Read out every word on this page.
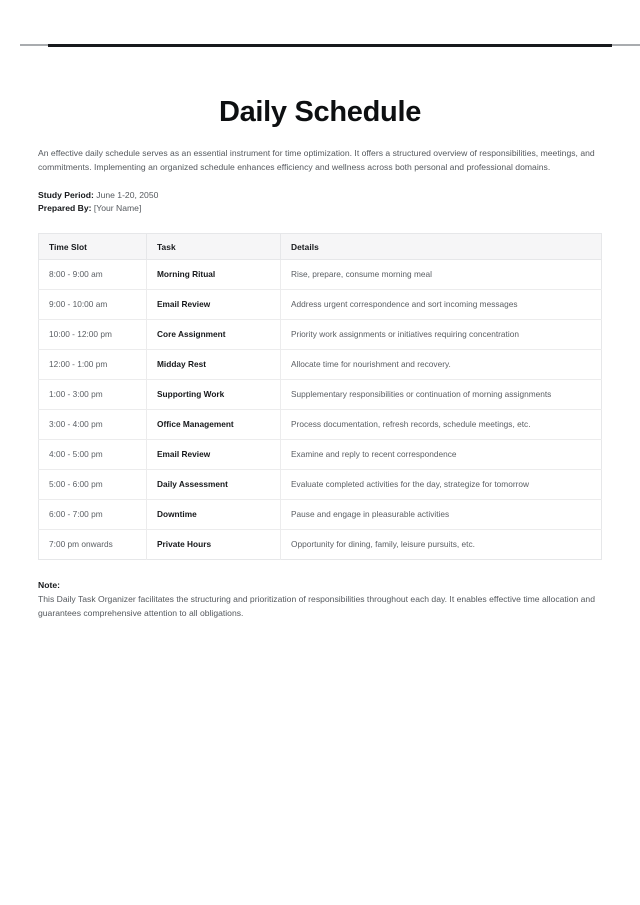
Daily Schedule

An effective daily schedule serves as an essential instrument for time optimization. It offers a structured overview of responsibilities, meetings, and commitments. Implementing an organized schedule enhances efficiency and wellness across both personal and professional domains.

Study Period: June 1-20, 2050
Prepared By: [Your Name]
Time Slot	Task	Details
8:00 - 9:00 am	Morning Ritual	Rise, prepare, consume morning meal
9:00 - 10:00 am	Email Review	Address urgent correspondence and sort incoming messages
10:00 - 12:00 pm	Core Assignment	Priority work assignments or initiatives requiring concentration
12:00 - 1:00 pm	Midday Rest	Allocate time for nourishment and recovery.
1:00 - 3:00 pm	Supporting Work	Supplementary responsibilities or continuation of morning assignments
3:00 - 4:00 pm	Office Management	Process documentation, refresh records, schedule meetings, etc.
4:00 - 5:00 pm	Email Review	Examine and reply to recent correspondence
5:00 - 6:00 pm	Daily Assessment	Evaluate completed activities for the day, strategize for tomorrow
6:00 - 7:00 pm	Downtime	Pause and engage in pleasurable activities
7:00 pm onwards	Private Hours	Opportunity for dining, family, leisure pursuits, etc.
Note:
This Daily Task Organizer facilitates the structuring and prioritization of responsibilities throughout each day. It enables effective time allocation and guarantees comprehensive attention to all obligations.
